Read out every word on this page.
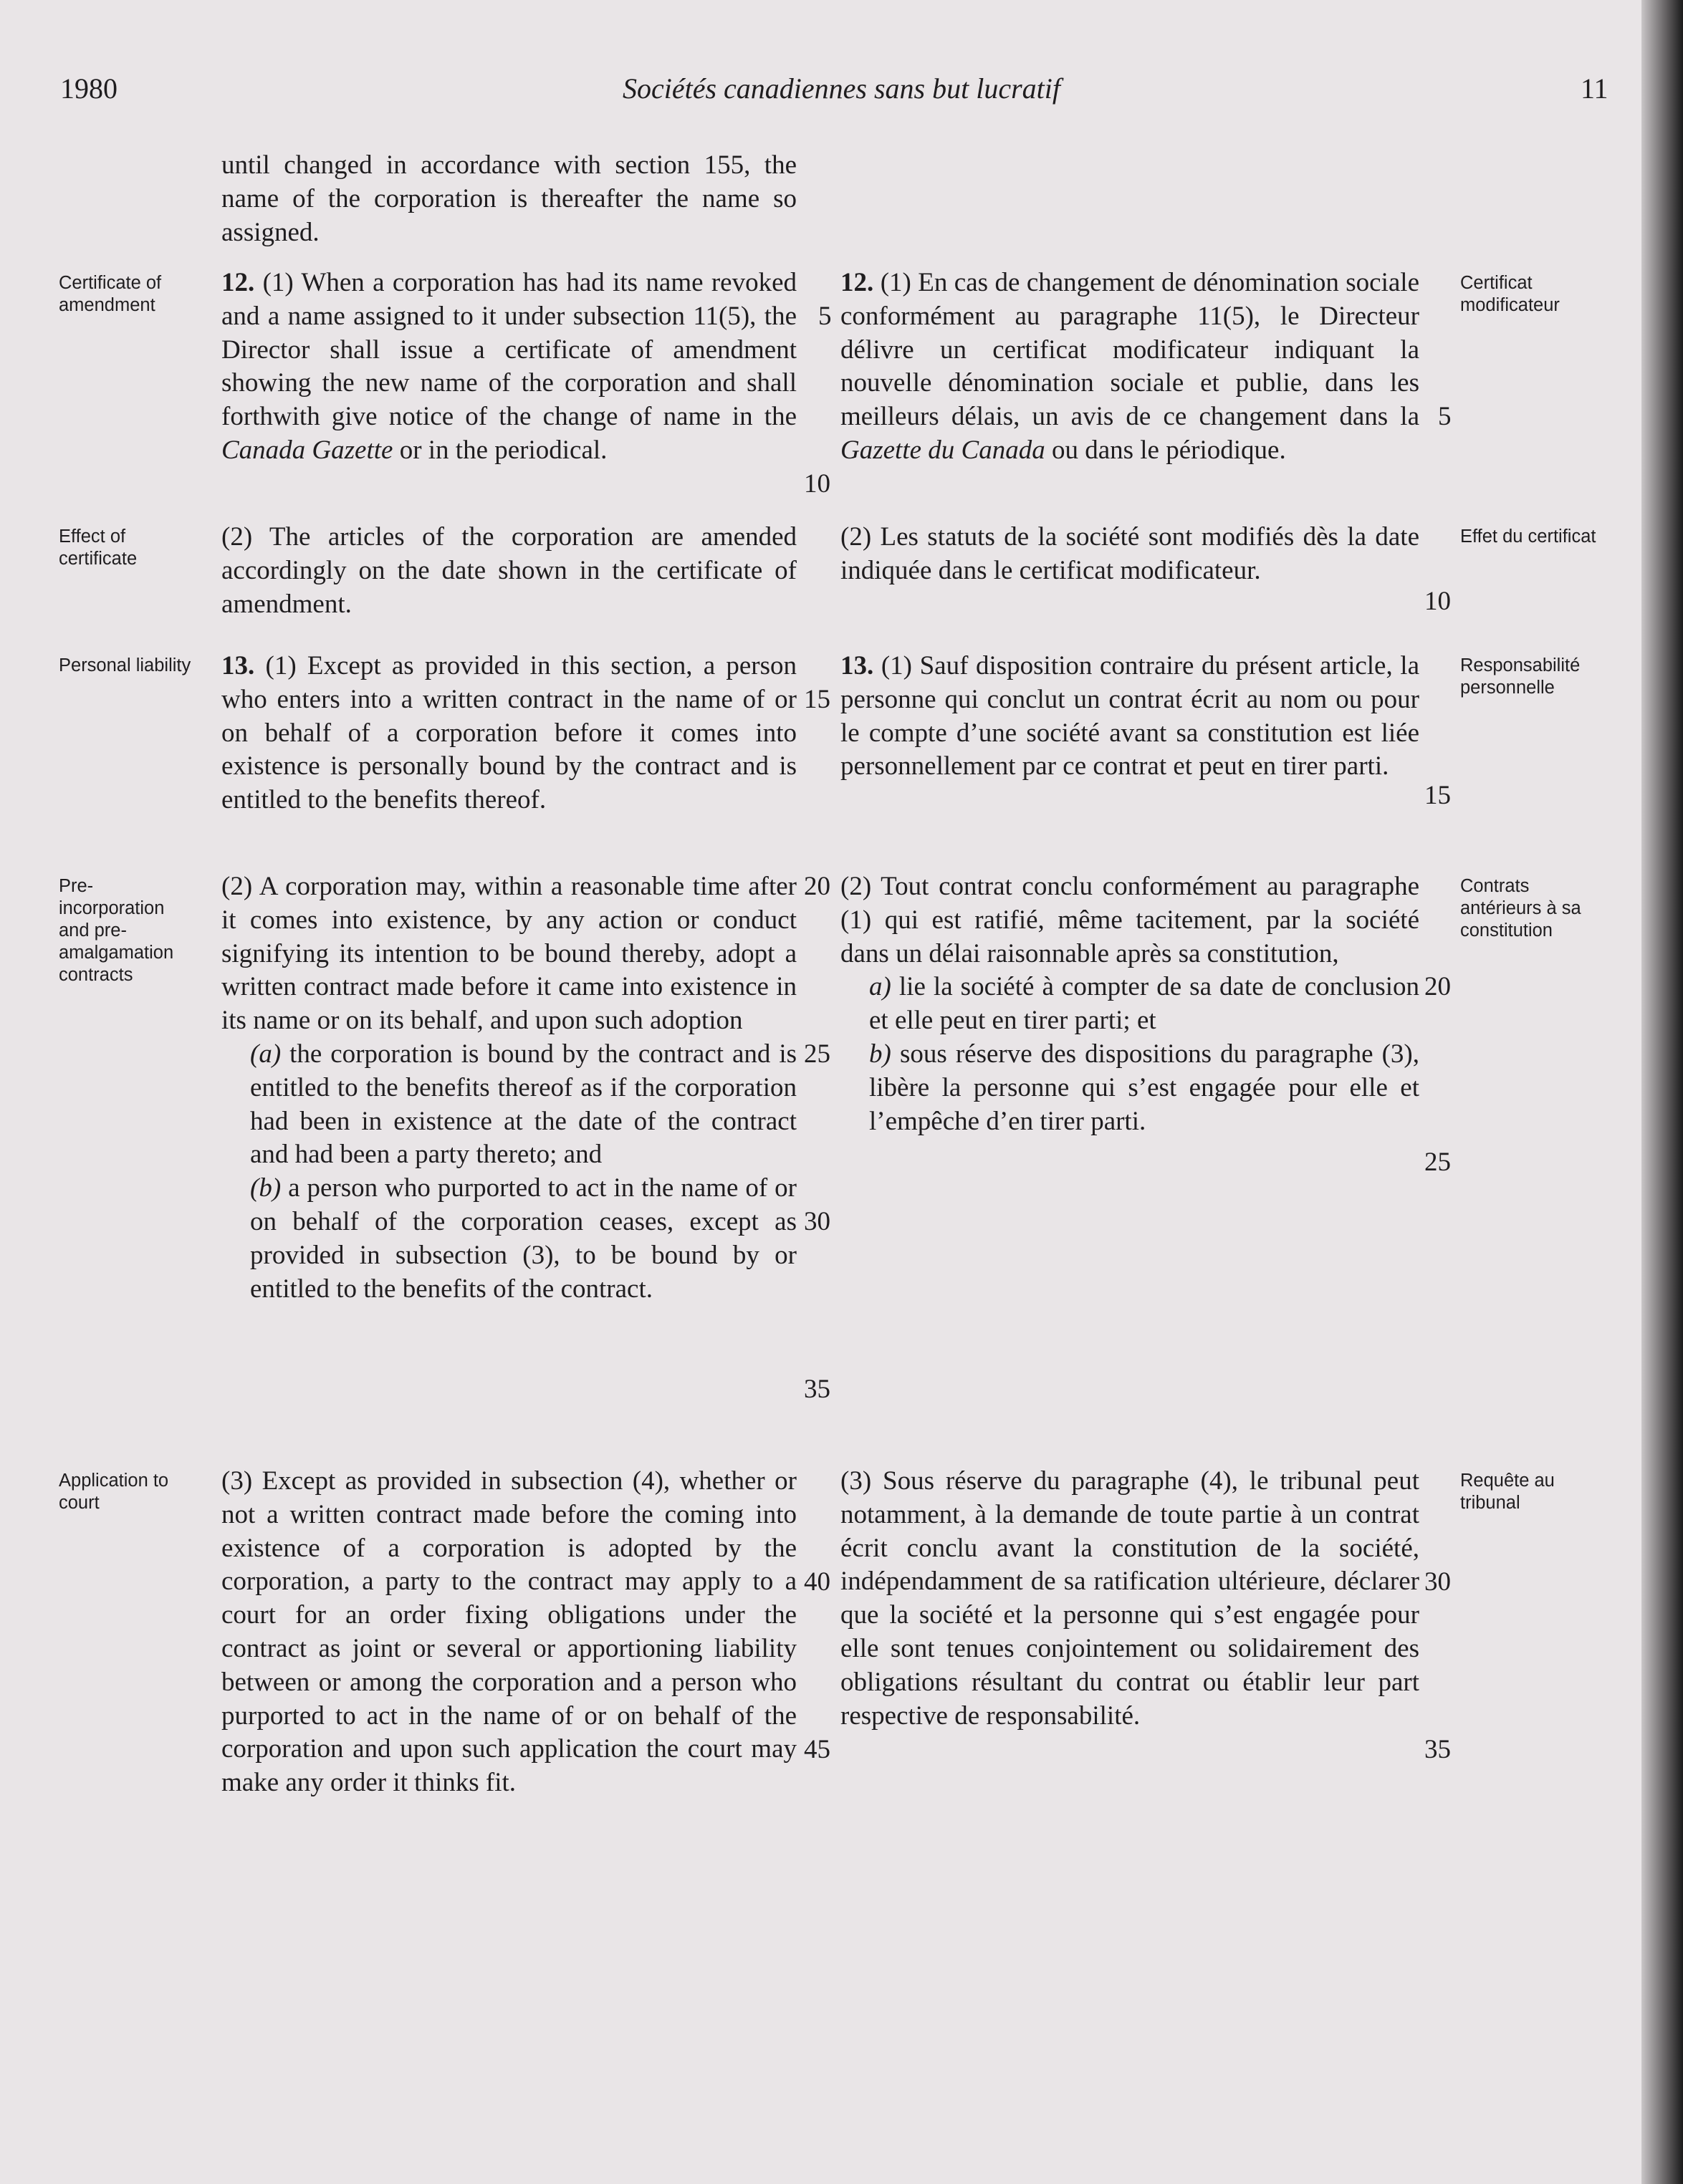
1980	Sociétés canadiennes sans but lucratif	11
Certificate of amendment
Effect of certificate
Personal liability
Pre-incorporation and pre-amalgamation contracts
Application to court
Certificat modificateur
Effet du certificat
Responsabilité personnelle
Contrats antérieurs à sa constitution
Requête au tribunal

until changed in accordance with section 155, the name of the corporation is thereafter the name so assigned.

12. (1) When a corporation has had its name revoked and a name assigned to it under subsection 11(5), the Director shall issue a certificate of amendment showing the new name of the corporation and shall forthwith give notice of the change of name in the Canada Gazette or in the periodical.

(2) The articles of the corporation are amended accordingly on the date shown in the certificate of amendment.

13. (1) Except as provided in this section, a person who enters into a written contract in the name of or on behalf of a corporation before it comes into existence is personally bound by the contract and is entitled to the benefits thereof.

(2) A corporation may, within a reasonable time after it comes into existence, by any action or conduct signifying its intention to be bound thereby, adopt a written contract made before it came into existence in its name or on its behalf, and upon such adoption

(a) the corporation is bound by the contract and is entitled to the benefits thereof as if the corporation had been in existence at the date of the contract and had been a party thereto; and

(b) a person who purported to act in the name of or on behalf of the corporation ceases, except as provided in subsection (3), to be bound by or entitled to the benefits of the contract.

(3) Except as provided in subsection (4), whether or not a written contract made before the coming into existence of a corporation is adopted by the corporation, a party to the contract may apply to a court for an order fixing obligations under the contract as joint or several or apportioning liability between or among the corporation and a person who purported to act in the name of or on behalf of the corporation and upon such application the court may make any order it thinks fit.

12. (1) En cas de changement de dénomination sociale conformément au paragraphe 11(5), le Directeur délivre un certificat modificateur indiquant la nouvelle dénomination sociale et publie, dans les meilleurs délais, un avis de ce changement dans la Gazette du Canada ou dans le périodique.

(2) Les statuts de la société sont modifiés dès la date indiquée dans le certificat modificateur.

13. (1) Sauf disposition contraire du présent article, la personne qui conclut un contrat écrit au nom ou pour le compte d’une société avant sa constitution est liée personnellement par ce contrat et peut en tirer parti.

(2) Tout contrat conclu conformément au paragraphe (1) qui est ratifié, même tacitement, par la société dans un délai raisonnable après sa constitution,

a) lie la société à compter de sa date de conclusion et elle peut en tirer parti; et

b) sous réserve des dispositions du paragraphe (3), libère la personne qui s’est engagée pour elle et l’empêche d’en tirer parti.

(3) Sous réserve du paragraphe (4), le tribunal peut notamment, à la demande de toute partie à un contrat écrit conclu avant la constitution de la société, indépendamment de sa ratification ultérieure, déclarer que la société et la personne qui s’est engagée pour elle sont tenues conjointement ou solidairement des obligations résultant du contrat ou établir leur part respective de responsabilité.

5
10
15
20
25
30
35
40
45
5
10
15
20
25
30
35
